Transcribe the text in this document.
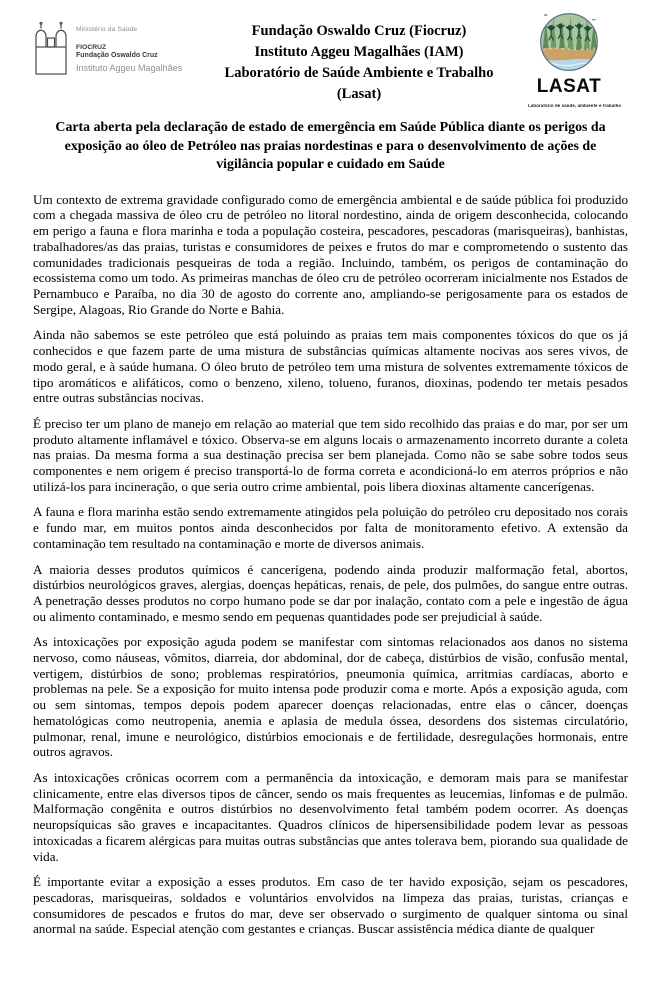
Ministério da Saúde
FIOCRUZ
Fundação Oswaldo Cruz
Instituto Aggeu Magalhães
Fundação Oswaldo Cruz (Fiocruz)
Instituto Aggeu Magalhães (IAM)
Laboratório de Saúde Ambiente e Trabalho (Lasat)	LASAT
Laboratório de saúde, ambiente e trabalho
Carta aberta pela declaração de estado de emergência em Saúde Pública diante os perigos da exposição ao óleo de Petróleo nas praias nordestinas e para o desenvolvimento de ações de vigilância popular e cuidado em Saúde

Um contexto de extrema gravidade configurado como de emergência ambiental e de saúde pública foi produzido com a chegada massiva de óleo cru de petróleo no litoral nordestino, ainda de origem desconhecida, colocando em perigo a fauna e flora marinha e toda a população costeira, pescadores, pescadoras (marisqueiras), banhistas, trabalhadores/as das praias, turistas e consumidores de peixes e frutos do mar e comprometendo o sustento das comunidades tradicionais pesqueiras de toda a região. Incluindo, também, os perigos de contaminação do ecossistema como um todo. As primeiras manchas de óleo cru de petróleo ocorreram inicialmente nos Estados de Pernambuco e Paraíba, no dia 30 de agosto do corrente ano, ampliando-se perigosamente para os estados de Sergipe, Alagoas, Rio Grande do Norte e Bahia.

Ainda não sabemos se este petróleo que está poluindo as praias tem mais componentes tóxicos do que os já conhecidos e que fazem parte de uma mistura de substâncias químicas altamente nocivas aos seres vivos, de modo geral, e à saúde humana. O óleo bruto de petróleo tem uma mistura de solventes extremamente tóxicos de tipo aromáticos e alifáticos, como o benzeno, xileno, tolueno, furanos, dioxinas, podendo ter metais pesados entre outras substâncias nocivas.

É preciso ter um plano de manejo em relação ao material que tem sido recolhido das praias e do mar, por ser um produto altamente inflamável e tóxico. Observa-se em alguns locais o armazenamento incorreto durante a coleta nas praias. Da mesma forma a sua destinação precisa ser bem planejada. Como não se sabe sobre todos seus componentes e nem origem é preciso transportá-lo de forma correta e acondicioná-lo em aterros próprios e não utilizá-los para incineração, o que seria outro crime ambiental, pois libera dioxinas altamente cancerígenas.

A fauna e flora marinha estão sendo extremamente atingidos pela poluição do petróleo cru depositado nos corais e fundo mar, em muitos pontos ainda desconhecidos por falta de monitoramento efetivo. A extensão da contaminação tem resultado na contaminação e morte de diversos animais.

A maioria desses produtos químicos é cancerígena, podendo ainda produzir malformação fetal, abortos, distúrbios neurológicos graves, alergias, doenças hepáticas, renais, de pele, dos pulmões, do sangue entre outras. A penetração desses produtos no corpo humano pode se dar por inalação, contato com a pele e ingestão de água ou alimento contaminado, e mesmo sendo em pequenas quantidades pode ser prejudicial à saúde.

As intoxicações por exposição aguda podem se manifestar com sintomas relacionados aos danos no sistema nervoso, como náuseas, vômitos, diarreia, dor abdominal, dor de cabeça, distúrbios de visão, confusão mental, vertigem, distúrbios de sono; problemas respiratórios, pneumonia química, arritmias cardíacas, aborto e problemas na pele. Se a exposição for muito intensa pode produzir coma e morte. Após a exposição aguda, com ou sem sintomas, tempos depois podem aparecer doenças relacionadas, entre elas o câncer, doenças hematológicas como neutropenia, anemia e aplasia de medula óssea, desordens dos sistemas circulatório, pulmonar, renal, imune e neurológico, distúrbios emocionais e de fertilidade, desregulações hormonais, entre outros agravos.

As intoxicações crônicas ocorrem com a permanência da intoxicação, e demoram mais para se manifestar clinicamente, entre elas diversos tipos de câncer, sendo os mais frequentes as leucemias, linfomas e de pulmão. Malformação congênita e outros distúrbios no desenvolvimento fetal também podem ocorrer. As doenças neuropsíquicas são graves e incapacitantes. Quadros clínicos de hipersensibilidade podem levar as pessoas intoxicadas a ficarem alérgicas para muitas outras substâncias que antes tolerava bem, piorando sua qualidade de vida.

É importante evitar a exposição a esses produtos. Em caso de ter havido exposição, sejam os pescadores, pescadoras, marisqueiras, soldados e voluntários envolvidos na limpeza das praias, turistas, crianças e consumidores de pescados e frutos do mar, deve ser observado o surgimento de qualquer sintoma ou sinal anormal na saúde. Especial atenção com gestantes e crianças. Buscar assistência médica diante de qualquer
